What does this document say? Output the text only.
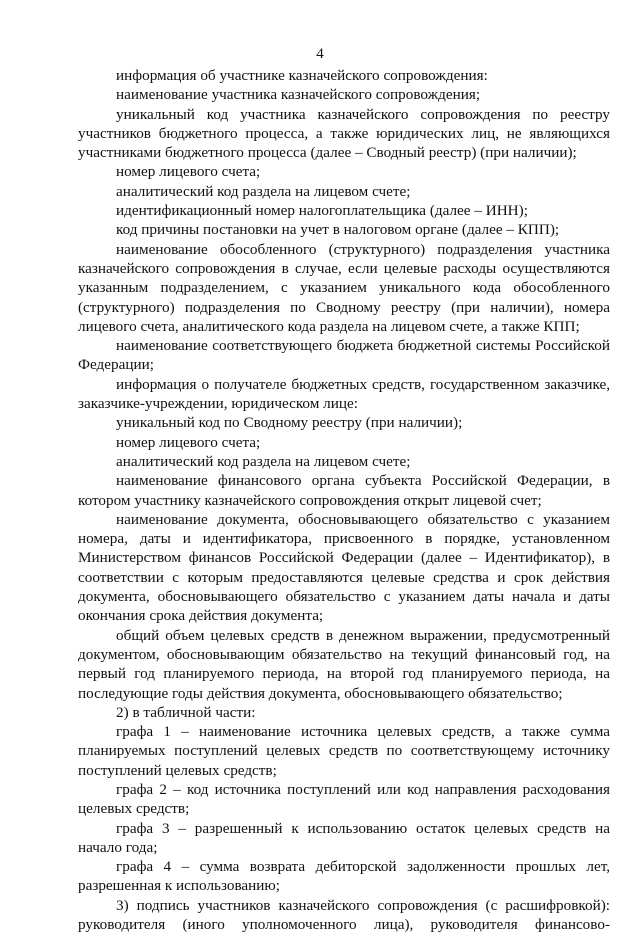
4

информация об участнике казначейского сопровождения:

наименование участника казначейского сопровождения;

уникальный код участника казначейского сопровождения по реестру участников бюджетного процесса, а также юридических лиц, не являющихся участниками бюджетного процесса (далее – Сводный реестр) (при наличии);

номер лицевого счета;

аналитический код раздела на лицевом счете;

идентификационный номер налогоплательщика (далее – ИНН);

код причины постановки на учет в налоговом органе (далее – КПП);

наименование обособленного (структурного) подразделения участника казначейского сопровождения в случае, если целевые расходы осуществляются указанным подразделением, с указанием уникального кода обособленного (структурного) подразделения по Сводному реестру (при наличии), номера лицевого счета, аналитического кода раздела на лицевом счете, а также КПП;

наименование соответствующего бюджета бюджетной системы Российской Федерации;

информация о получателе бюджетных средств, государственном заказчике, заказчике-учреждении, юридическом лице:

уникальный код по Сводному реестру (при наличии);

номер лицевого счета;

аналитический код раздела на лицевом счете;

наименование финансового органа субъекта Российской Федерации, в котором участнику казначейского сопровождения открыт лицевой счет;

наименование документа, обосновывающего обязательство с указанием номера, даты и идентификатора, присвоенного в порядке, установленном Министерством финансов Российской Федерации (далее – Идентификатор), в соответствии с которым предоставляются целевые средства и срок действия документа, обосновывающего обязательство с указанием даты начала и даты окончания срока действия документа;

общий объем целевых средств в денежном выражении, предусмотренный документом, обосновывающим обязательство на текущий финансовый год, на первый год планируемого периода, на второй год планируемого периода, на последующие годы действия документа, обосновывающего обязательство;

2) в табличной части:

графа 1 – наименование источника целевых средств, а также сумма планируемых поступлений целевых средств по соответствующему источнику поступлений целевых средств;

графа 2 – код источника поступлений или код направления расходования целевых средств;

графа 3 – разрешенный к использованию остаток целевых средств на начало года;

графа 4 – сумма возврата дебиторской задолженности прошлых лет, разрешенная к использованию;

3) подпись участников казначейского сопровождения (с расшифровкой): руководителя (иного уполномоченного лица), руководителя финансово-
